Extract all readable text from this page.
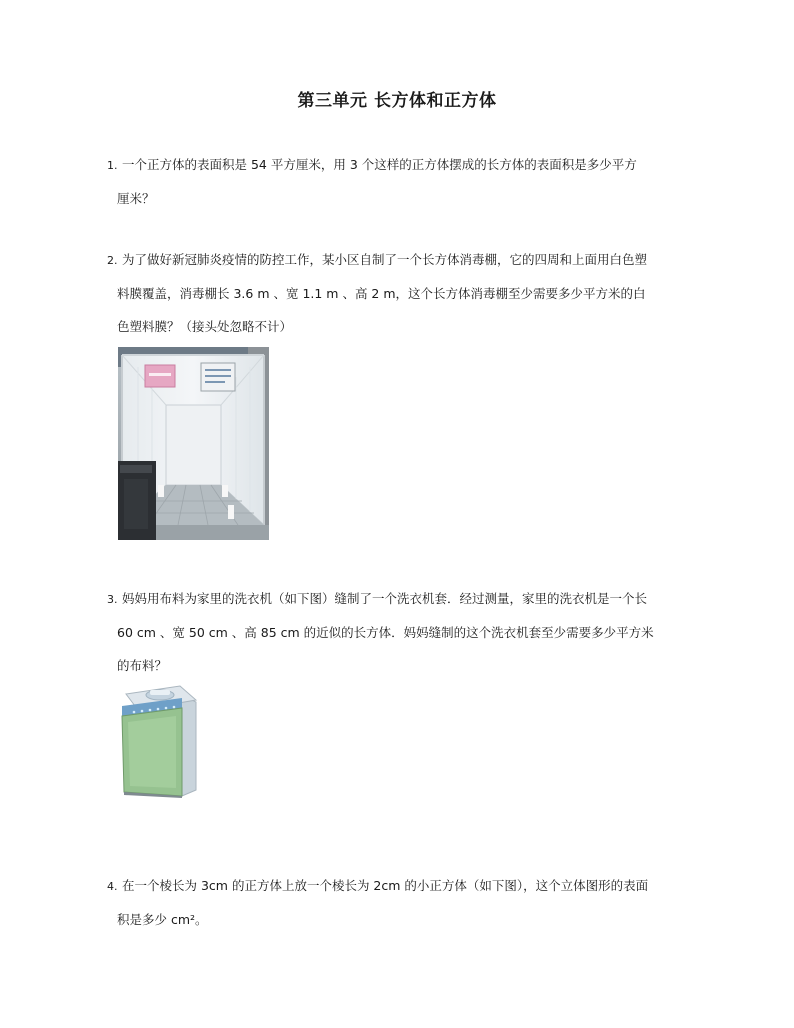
第三单元 长方体和正方体
1. 一个正方体的表面积是 54 平方厘米，用 3 个这样的正方体摆成的长方体的表面积是多少平方
厘米？
2. 为了做好新冠肺炎疫情的防控工作，某小区自制了一个长方体消毒棚，它的四周和上面用白色塑
料膜覆盖，消毒棚长 3.6 m 、宽 1.1 m 、高 2 m，这个长方体消毒棚至少需要多少平方米的白
色塑料膜？（接头处忽略不计）
3. 妈妈用布料为家里的洗衣机（如下图）缝制了一个洗衣机套．经过测量，家里的洗衣机是一个长
60 cm 、宽 50 cm 、高 85 cm 的近似的长方体．妈妈缝制的这个洗衣机套至少需要多少平方米
的布料？
4. 在一个棱长为 3cm 的正方体上放一个棱长为 2cm 的小正方体（如下图），这个立体图形的表面
积是多少 cm²。
